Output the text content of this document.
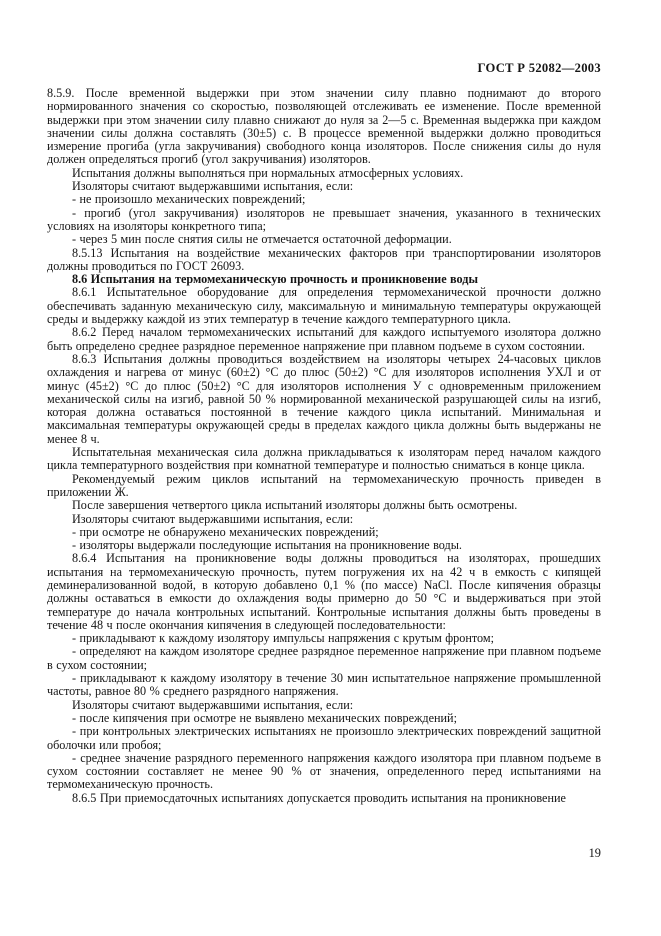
ГОСТ Р 52082—2003

8.5.9. После временной выдержки при этом значении силу плавно поднимают до второго нормированного значения со скоростью, позволяющей отслеживать ее изменение. После временной выдержки при этом значении силу плавно снижают до нуля за 2—5 с. Временная выдержка при каждом значении силы должна составлять (30±5) с. В процессе временной выдержки должно проводиться измерение прогиба (угла закручивания) свободного конца изоляторов. После снижения силы до нуля должен определяться прогиб (угол закручивания) изоляторов.

Испытания должны выполняться при нормальных атмосферных условиях.

Изоляторы считают выдержавшими испытания, если:

- не произошло механических повреждений;

- прогиб (угол закручивания) изоляторов не превышает значения, указанного в технических условиях на изоляторы конкретного типа;

- через 5 мин после снятия силы не отмечается остаточной деформации.

8.5.13 Испытания на воздействие механических факторов при транспортировании изоляторов должны проводиться по ГОСТ 26093.

8.6 Испытания на термомеханическую прочность и проникновение воды

8.6.1 Испытательное оборудование для определения термомеханической прочности должно обеспечивать заданную механическую силу, максимальную и минимальную температуры окружающей среды и выдержку каждой из этих температур в течение каждого температурного цикла.

8.6.2 Перед началом термомеханических испытаний для каждого испытуемого изолятора должно быть определено среднее разрядное переменное напряжение при плавном подъеме в сухом состоянии.

8.6.3 Испытания должны проводиться воздействием на изоляторы четырех 24-часовых циклов охлаждения и нагрева от минус (60±2) °С до плюс (50±2) °С для изоляторов исполнения УХЛ и от минус (45±2) °С до плюс (50±2) °С для изоляторов исполнения У с одновременным приложением механической силы на изгиб, равной 50 % нормированной механической разрушающей силы на изгиб, которая должна оставаться постоянной в течение каждого цикла испытаний. Минимальная и максимальная температуры окружающей среды в пределах каждого цикла должны быть выдержаны не менее 8 ч.

Испытательная механическая сила должна прикладываться к изоляторам перед началом каждого цикла температурного воздействия при комнатной температуре и полностью сниматься в конце цикла.

Рекомендуемый режим циклов испытаний на термомеханическую прочность приведен в приложении Ж.

После завершения четвертого цикла испытаний изоляторы должны быть осмотрены.

Изоляторы считают выдержавшими испытания, если:

- при осмотре не обнаружено механических повреждений;

- изоляторы выдержали последующие испытания на проникновение воды.

8.6.4 Испытания на проникновение воды должны проводиться на изоляторах, прошедших испытания на термомеханическую прочность, путем погружения их на 42 ч в емкость с кипящей деминерализованной водой, в которую добавлено 0,1 % (по массе) NaCl. После кипячения образцы должны оставаться в емкости до охлаждения воды примерно до 50 °С и выдерживаться при этой температуре до начала контрольных испытаний. Контрольные испытания должны быть проведены в течение 48 ч после окончания кипячения в следующей последовательности:

- прикладывают к каждому изолятору импульсы напряжения с крутым фронтом;

- определяют на каждом изоляторе среднее разрядное переменное напряжение при плавном подъеме в сухом состоянии;

- прикладывают к каждому изолятору в течение 30 мин испытательное напряжение промышленной частоты, равное 80 % среднего разрядного напряжения.

Изоляторы считают выдержавшими испытания, если:

- после кипячения при осмотре не выявлено механических повреждений;

- при контрольных электрических испытаниях не произошло электрических повреждений защитной оболочки или пробоя;

- среднее значение разрядного переменного напряжения каждого изолятора при плавном подъеме в сухом состоянии составляет не менее 90 % от значения, определенного перед испытаниями на термомеханическую прочность.

8.6.5 При приемосдаточных испытаниях допускается проводить испытания на проникновение

19
